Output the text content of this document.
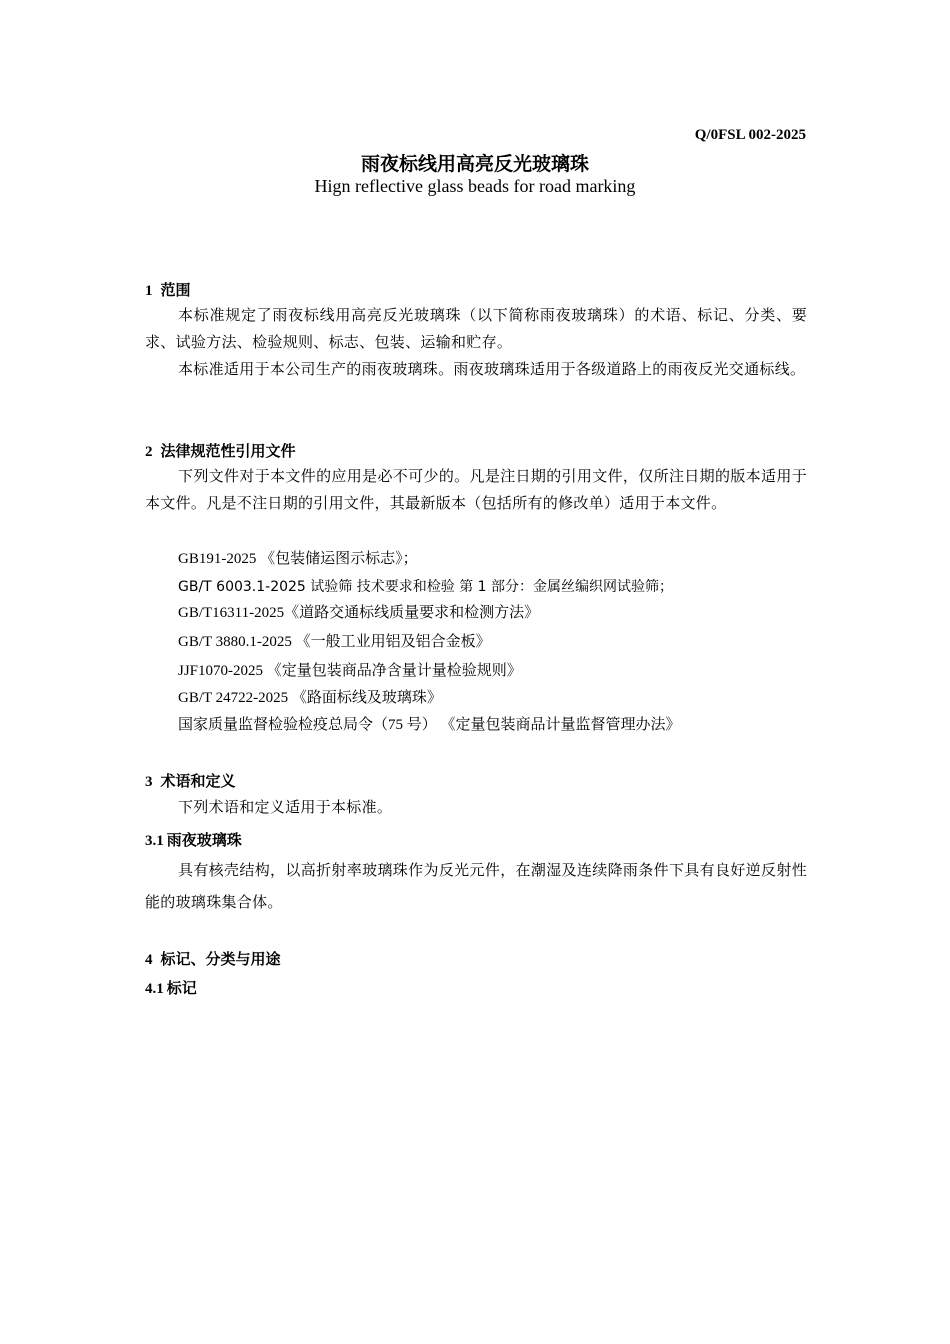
Q/0FSL 002-2025
雨夜标线用高亮反光玻璃珠
Hign reflective glass beads for road marking
1 范围
本标准规定了雨夜标线用高亮反光玻璃珠（以下简称雨夜玻璃珠）的术语、标记、分类、要求、试验方法、检验规则、标志、包装、运输和贮存。
本标准适用于本公司生产的雨夜玻璃珠。雨夜玻璃珠适用于各级道路上的雨夜反光交通标线。
2 法律规范性引用文件
下列文件对于本文件的应用是必不可少的。凡是注日期的引用文件，仅所注日期的版本适用于本文件。凡是不注日期的引用文件，其最新版本（包括所有的修改单）适用于本文件。
GB191-2025 《包装储运图示标志》；
GB/T 6003.1-2025 试验筛 技术要求和检验 第 1 部分：金属丝编织网试验筛；
GB/T16311-2025《道路交通标线质量要求和检测方法》
GB/T 3880.1-2025 《一般工业用铝及铝合金板》
JJF1070-2025 《定量包装商品净含量计量检验规则》
GB/T 24722-2025 《路面标线及玻璃珠》
国家质量监督检验检疫总局令（75 号） 《定量包装商品计量监督管理办法》
3 术语和定义
下列术语和定义适用于本标准。
3.1 雨夜玻璃珠
具有核壳结构，以高折射率玻璃珠作为反光元件，在潮湿及连续降雨条件下具有良好逆反射性能的玻璃珠集合体。
4 标记、分类与用途
4.1 标记
